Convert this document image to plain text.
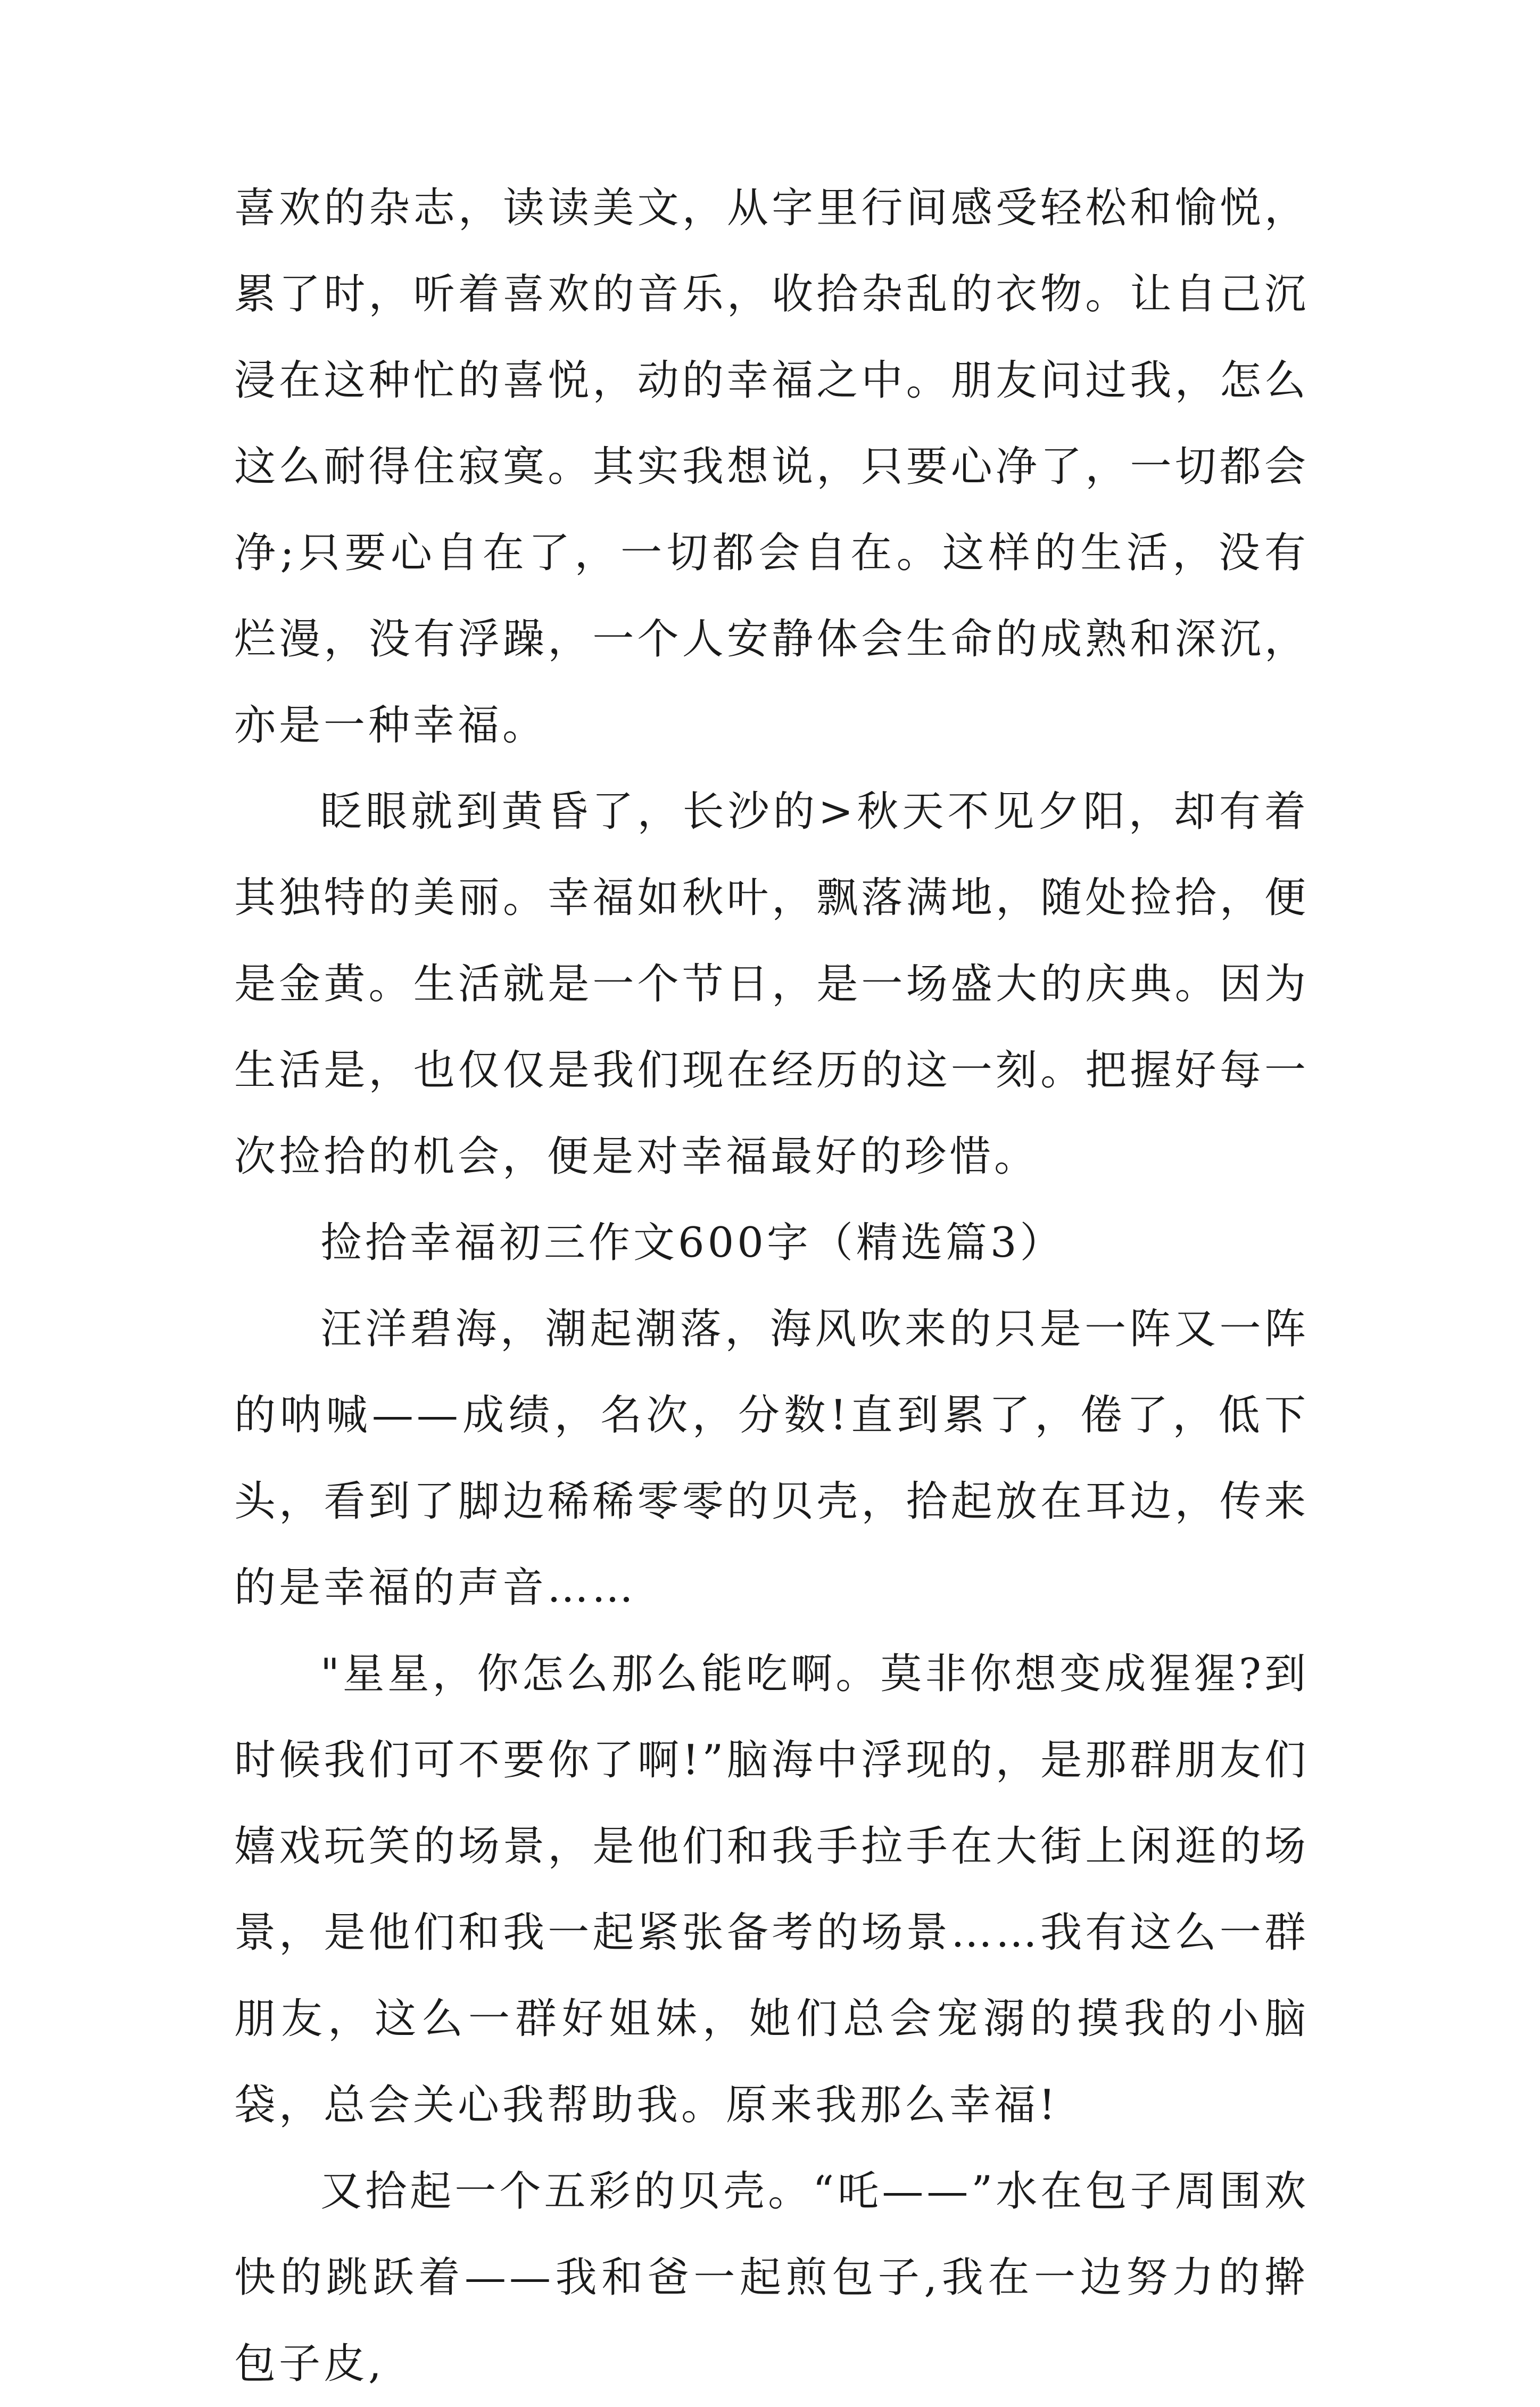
喜欢的杂志，读读美文，从字里行间感受轻松和愉悦，累了时，听着喜欢的音乐，收拾杂乱的衣物。让自己沉浸在这种忙的喜悦，动的幸福之中。朋友问过我，怎么这么耐得住寂寞。其实我想说，只要心净了，一切都会净;只要心自在了，一切都会自在。这样的生活，没有烂漫，没有浮躁，一个人安静体会生命的成熟和深沉，亦是一种幸福。

眨眼就到黄昏了，长沙的>秋天不见夕阳，却有着其独特的美丽。幸福如秋叶，飘落满地，随处捡拾，便是金黄。生活就是一个节日，是一场盛大的庆典。因为生活是，也仅仅是我们现在经历的这一刻。把握好每一次捡拾的机会，便是对幸福最好的珍惜。

捡拾幸福初三作文600字（精选篇3）

汪洋碧海，潮起潮落，海风吹来的只是一阵又一阵的呐喊——成绩，名次，分数!直到累了，倦了，低下头，看到了脚边稀稀零零的贝壳，拾起放在耳边，传来的是幸福的声音……

"星星，你怎么那么能吃啊。莫非你想变成猩猩?到时候我们可不要你了啊!”脑海中浮现的，是那群朋友们嬉戏玩笑的场景，是他们和我手拉手在大街上闲逛的场景，是他们和我一起紧张备考的场景……我有这么一群朋友，这么一群好姐妹，她们总会宠溺的摸我的小脑袋，总会关心我帮助我。原来我那么幸福!

又拾起一个五彩的贝壳。“吒——”水在包子周围欢快的跳跃着——我和爸一起煎包子,我在一边努力的擀包子皮,
